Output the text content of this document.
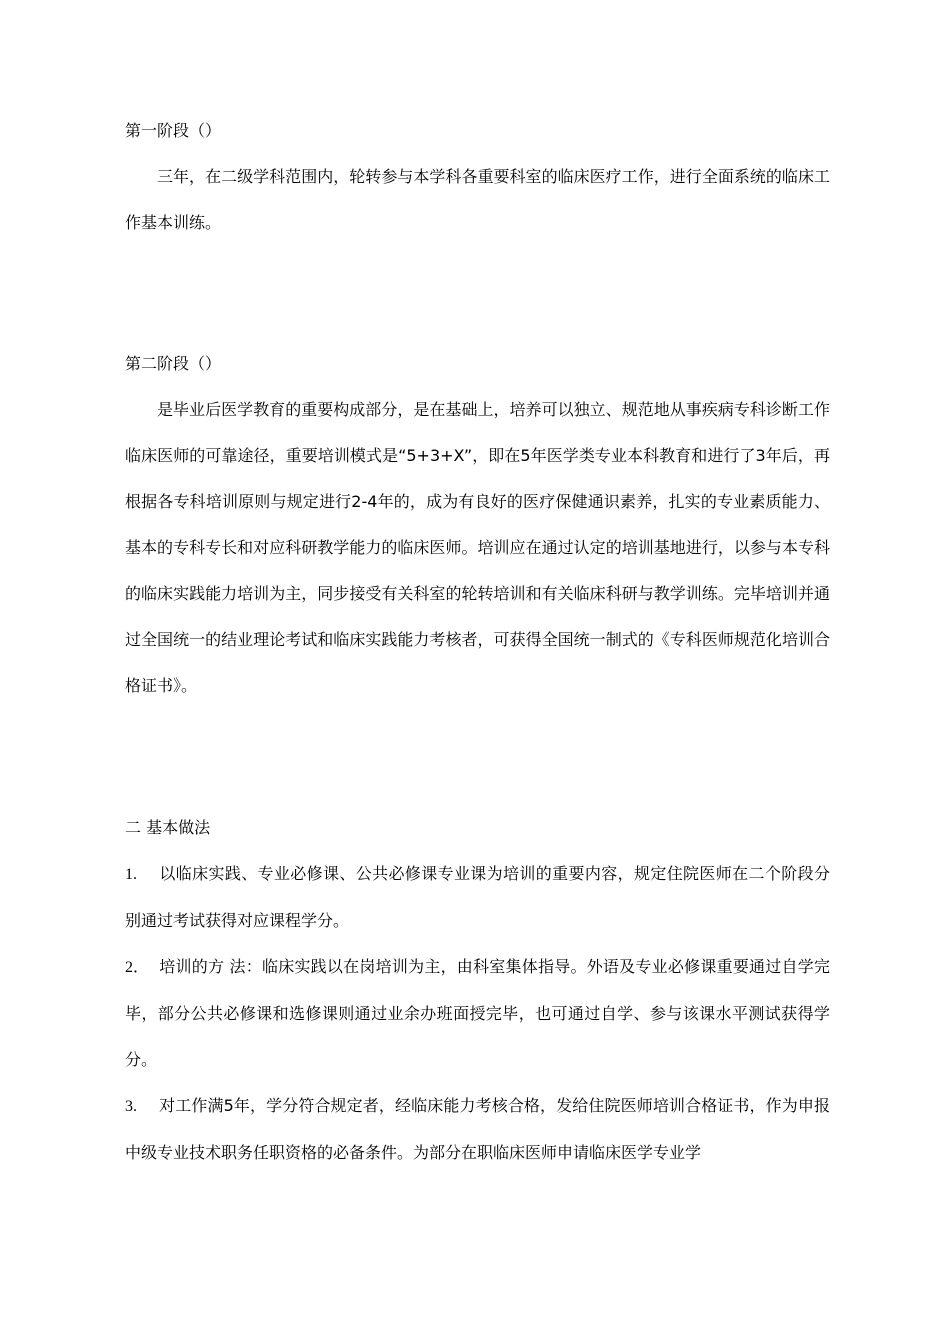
第一阶段（）

三年，在二级学科范围内，轮转参与本学科各重要科室的临床医疗工作，进行全面系统的临床工作基本训练。

第二阶段（）

是毕业后医学教育的重要构成部分，是在基础上，培养可以独立、规范地从事疾病专科诊断工作临床医师的可靠途径，重要培训模式是“5+3+X”，即在5年医学类专业本科教育和进行了3年后，再根据各专科培训原则与规定进行2-4年的，成为有良好的医疗保健通识素养，扎实的专业素质能力、基本的专科专长和对应科研教学能力的临床医师。培训应在通过认定的培训基地进行，以参与本专科的临床实践能力培训为主，同步接受有关科室的轮转培训和有关临床科研与教学训练。完毕培训并通过全国统一的结业理论考试和临床实践能力考核者，可获得全国统一制式的《专科医师规范化培训合格证书》。

二 基本做法

1. 以临床实践、专业必修课、公共必修课专业课为培训的重要内容，规定住院医师在二个阶段分别通过考试获得对应课程学分。

2． 培训的方 法：临床实践以在岗培训为主，由科室集体指导。外语及专业必修课重要通过自学完毕，部分公共必修课和选修课则通过业余办班面授完毕，也可通过自学、参与该课水平测试获得学分。

3. 对工作满5年，学分符合规定者，经临床能力考核合格，发给住院医师培训合格证书，作为申报中级专业技术职务任职资格的必备条件。为部分在职临床医师申请临床医学专业学
